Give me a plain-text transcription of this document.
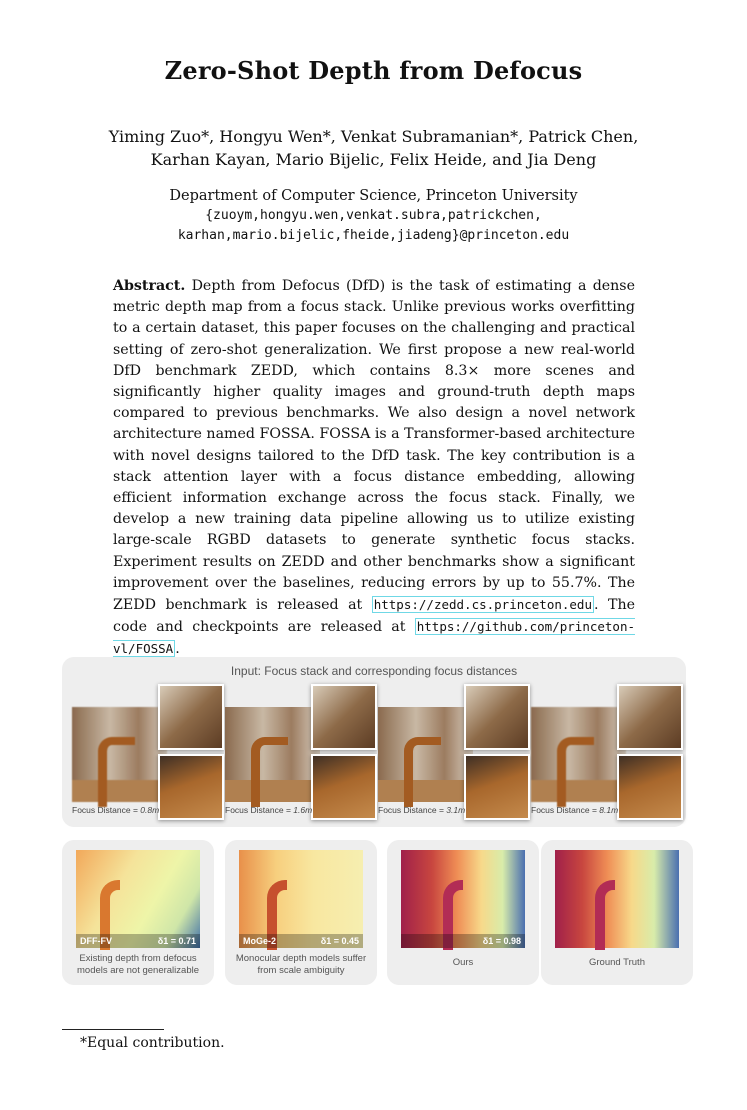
Zero-Shot Depth from Defocus
Yiming Zuo*, Hongyu Wen*, Venkat Subramanian*, Patrick Chen,
Karhan Kayan, Mario Bijelic, Felix Heide, and Jia Deng
Department of Computer Science, Princeton University
{zuoym,hongyu.wen,venkat.subra,patrickchen,
karhan,mario.bijelic,fheide,jiadeng}@princeton.edu
Abstract. Depth from Defocus (DfD) is the task of estimating a dense metric depth map from a focus stack. Unlike previous works overfitting to a certain dataset, this paper focuses on the challenging and practical setting of zero-shot generalization. We first propose a new real-world DfD benchmark ZEDD, which contains 8.3× more scenes and significantly higher quality images and ground-truth depth maps compared to previous benchmarks. We also design a novel network architecture named FOSSA. FOSSA is a Transformer-based architecture with novel designs tailored to the DfD task. The key contribution is a stack attention layer with a focus distance embedding, allowing efficient information exchange across the focus stack. Finally, we develop a new training data pipeline allowing us to utilize existing large-scale RGBD datasets to generate synthetic focus stacks. Experiment results on ZEDD and other benchmarks show a significant improvement over the baselines, reducing errors by up to 55.7%. The ZEDD benchmark is released at https://zedd.cs.princeton.edu . The code and checkpoints are released at https://github.com/princeton-vl/FOSSA .
Input: Focus stack and corresponding focus distances
Focus Distance = 0.8m	Focus Distance = 1.6m	Focus Distance = 3.1m	Focus Distance = 8.1m
DFF-FV	δ1 = 0.71
Existing depth from defocus models are not generalizable
MoGe-2	δ1 = 0.45
Monocular depth models suffer from scale ambiguity
δ1 = 0.98
Ours	Ground Truth
*Equal contribution.
